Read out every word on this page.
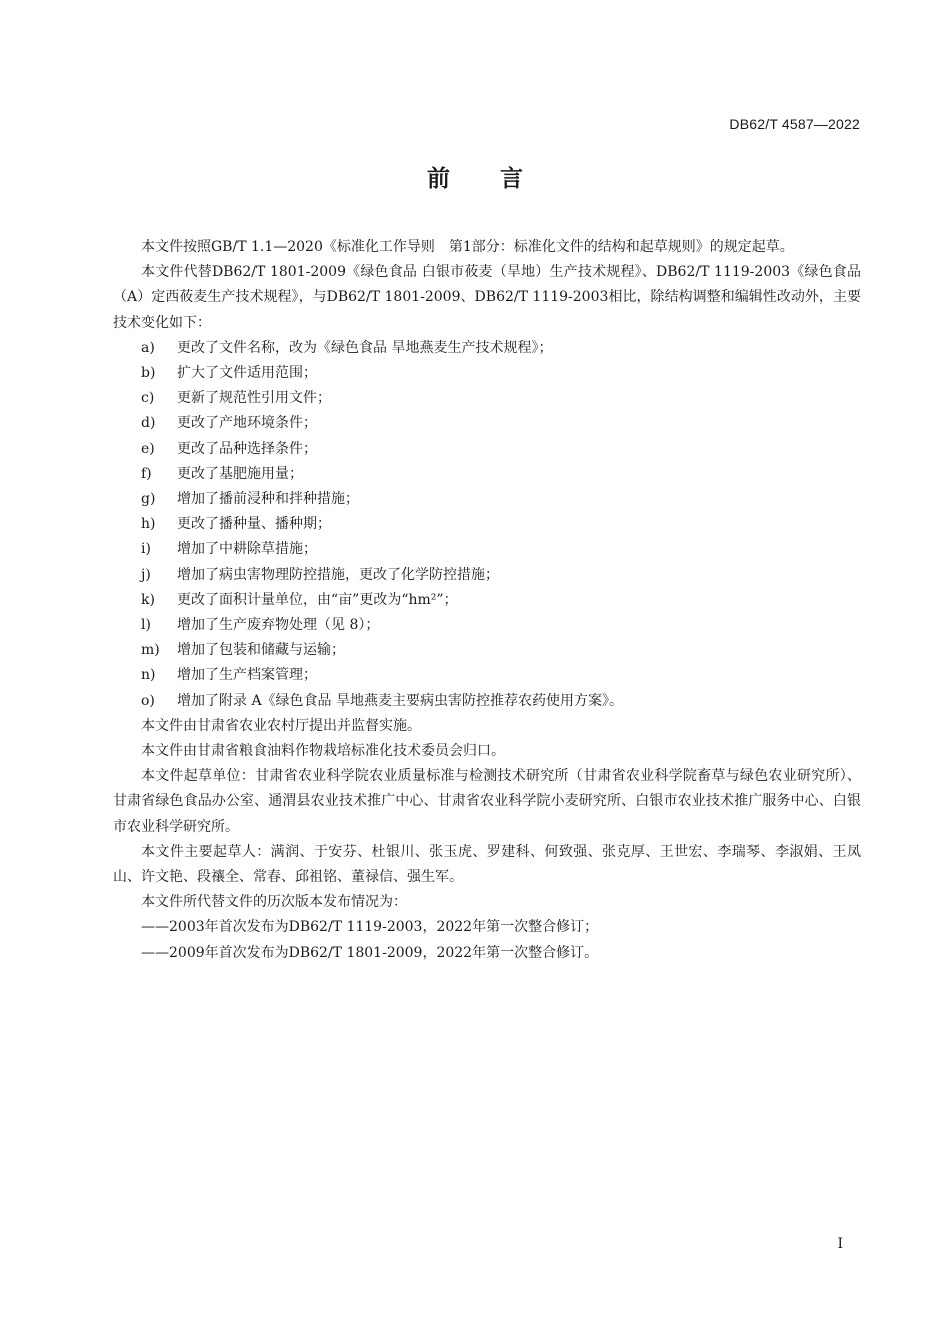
DB62/T 4587—2022
前 言

本文件按照GB/T 1.1—2020《标准化工作导则　第1部分：标准化文件的结构和起草规则》的规定起草。

本文件代替DB62/T 1801-2009《绿色食品 白银市莜麦（旱地）生产技术规程》、DB62/T 1119-2003《绿色食品（A）定西莜麦生产技术规程》，与DB62/T 1801-2009、DB62/T 1119-2003相比，除结构调整和编辑性改动外，主要技术变化如下：

a) 更改了文件名称，改为《绿色食品 旱地燕麦生产技术规程》；

b) 扩大了文件适用范围；

c) 更新了规范性引用文件；

d) 更改了产地环境条件；

e) 更改了品种选择条件；

f) 更改了基肥施用量；

g) 增加了播前浸种和拌种措施；

h) 更改了播种量、播种期；

i) 增加了中耕除草措施；

j) 增加了病虫害物理防控措施，更改了化学防控措施；

k) 更改了面积计量单位，由“亩”更改为“hm²”；

l) 增加了生产废弃物处理（见 8）；

m) 增加了包装和储藏与运输；

n) 增加了生产档案管理；

o) 增加了附录 A《绿色食品 旱地燕麦主要病虫害防控推荐农药使用方案》。

本文件由甘肃省农业农村厅提出并监督实施。

本文件由甘肃省粮食油料作物栽培标准化技术委员会归口。

本文件起草单位：甘肃省农业科学院农业质量标准与检测技术研究所（甘肃省农业科学院畜草与绿色农业研究所）、甘肃省绿色食品办公室、通渭县农业技术推广中心、甘肃省农业科学院小麦研究所、白银市农业技术推广服务中心、白银市农业科学研究所。

本文件主要起草人：满润、于安芬、杜银川、张玉虎、罗建科、何致强、张克厚、王世宏、李瑞琴、李淑娟、王凤山、许文艳、段禳全、常春、邱祖铭、董禄信、强生军。

本文件所代替文件的历次版本发布情况为：

——2003年首次发布为DB62/T 1119-2003，2022年第一次整合修订；

——2009年首次发布为DB62/T 1801-2009，2022年第一次整合修订。

I
